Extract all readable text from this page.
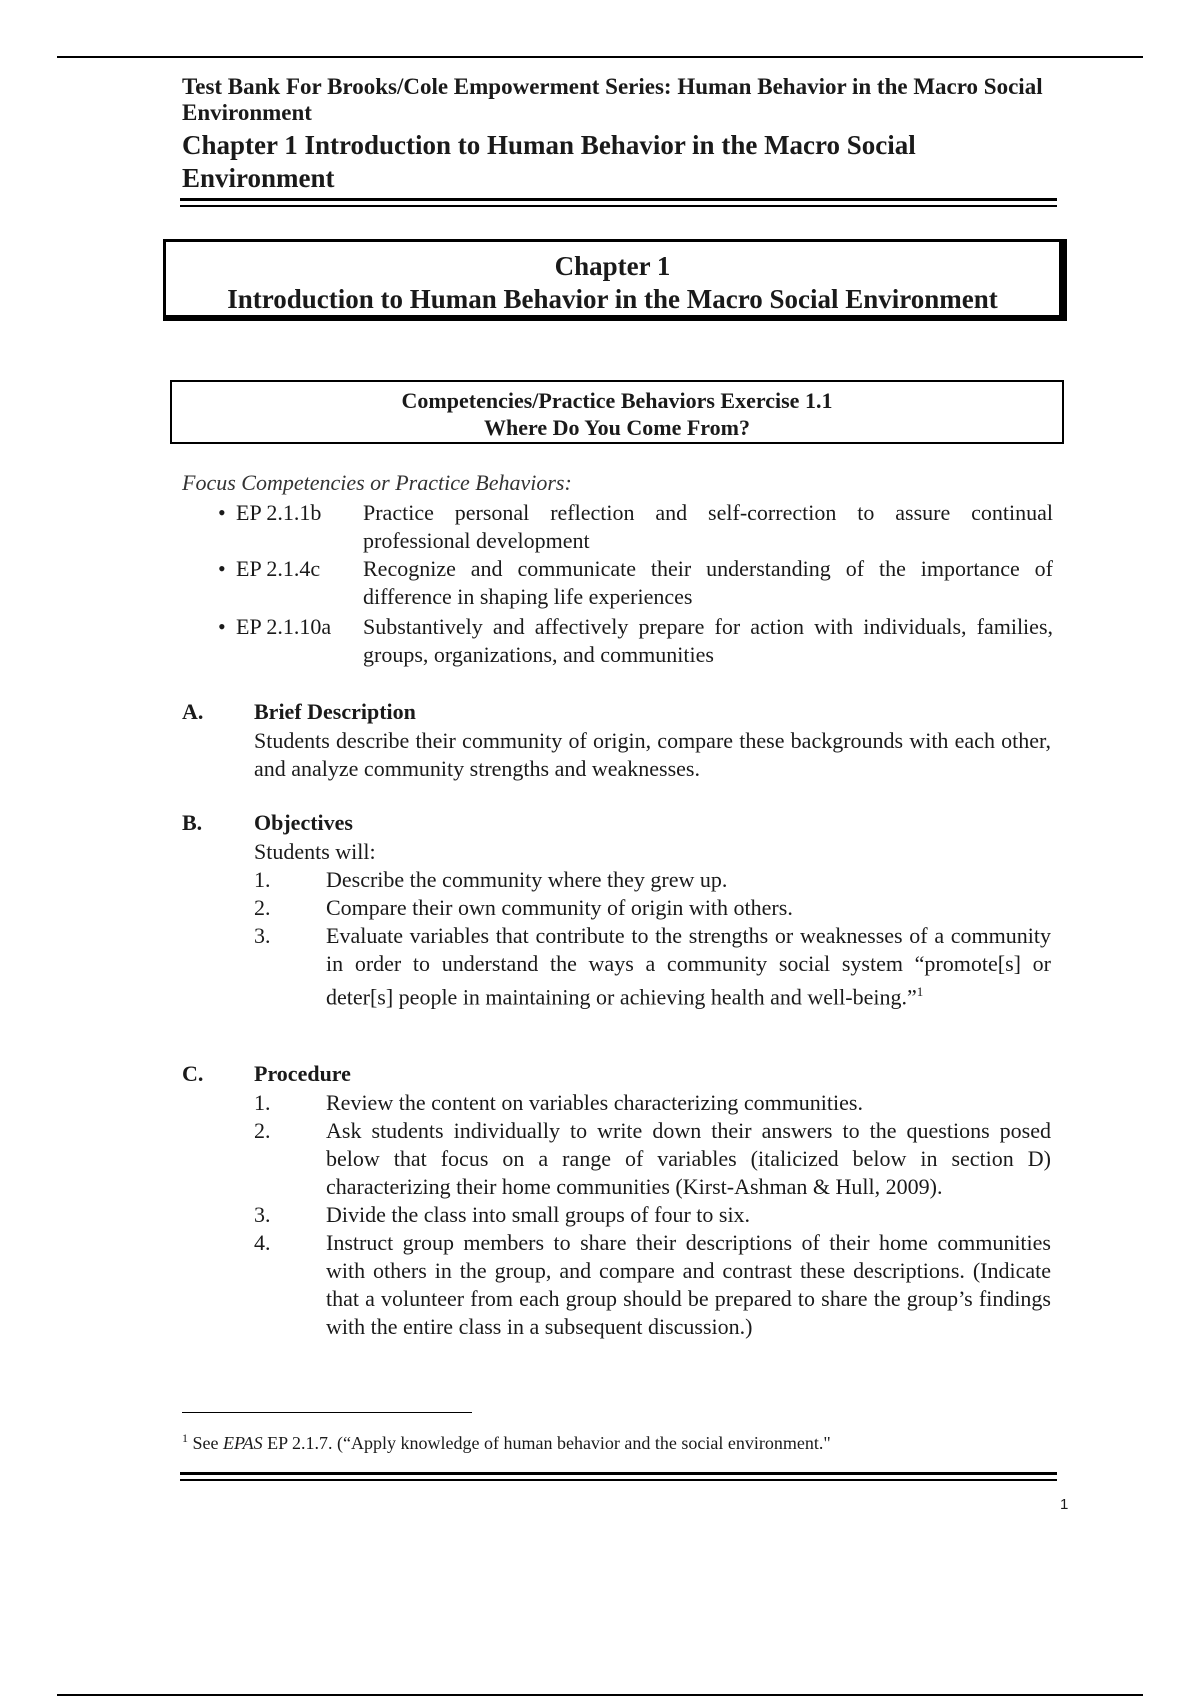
Test Bank For Brooks/Cole Empowerment Series: Human Behavior in the Macro Social Environment
Chapter 1 Introduction to Human Behavior in the Macro Social Environment
Chapter 1
Introduction to Human Behavior in the Macro Social Environment
Competencies/Practice Behaviors Exercise 1.1
Where Do You Come From?
Focus Competencies or Practice Behaviors:
• EP 2.1.1b Practice personal reflection and self-correction to assure continual professional development
• EP 2.1.4c Recognize and communicate their understanding of the importance of difference in shaping life experiences
• EP 2.1.10a Substantively and affectively prepare for action with individuals, families, groups, organizations, and communities
A. Brief Description
Students describe their community of origin, compare these backgrounds with each other, and analyze community strengths and weaknesses.
B. Objectives
Students will:
1.	Describe the community where they grew up.
2.	Compare their own community of origin with others.
3.	Evaluate variables that contribute to the strengths or weaknesses of a community in order to understand the ways a community social system “promote[s] or deter[s] people in maintaining or achieving health and well-being.”$^1$
C. Procedure
1.	Review the content on variables characterizing communities.
2.	Ask students individually to write down their answers to the questions posed below that focus on a range of variables (italicized below in section D) characterizing their home communities (Kirst-Ashman & Hull, 2009).
3.	Divide the class into small groups of four to six.
4.	Instruct group members to share their descriptions of their home communities with others in the group, and compare and contrast these descriptions. (Indicate that a volunteer from each group should be prepared to share the group’s findings with the entire class in a subsequent discussion.)
$^1$ See EPAS EP 2.1.7. (“Apply knowledge of human behavior and the social environment."
1
